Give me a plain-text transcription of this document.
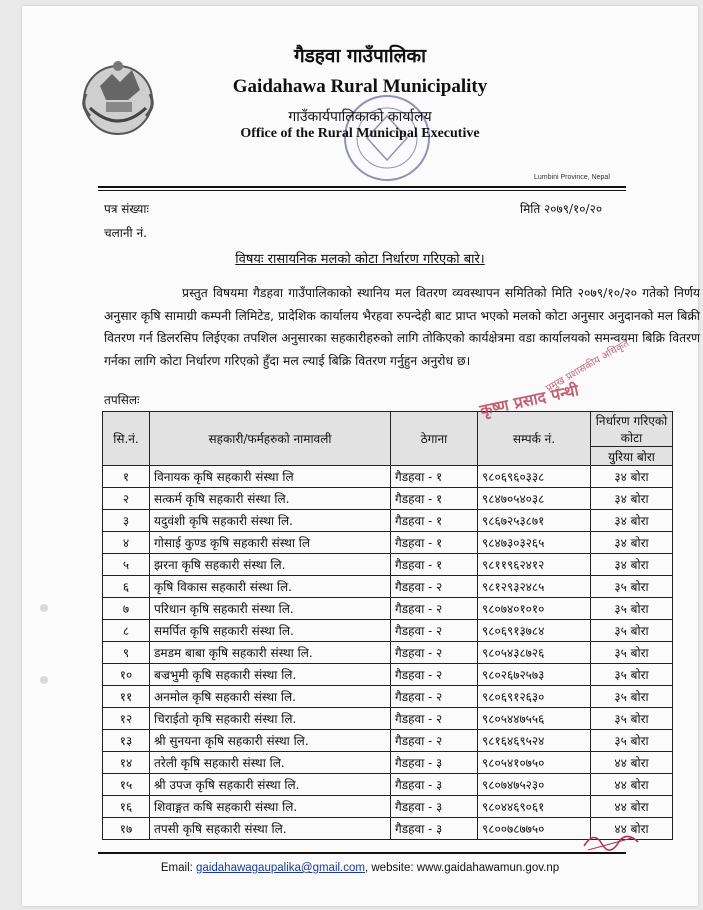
गैडहवा गाउँपालिका
Gaidahawa Rural Municipality
गाउँकार्यपालिकाको कार्यालय
Office of the Rural Municipal Executive
Lumbini Province, Nepal
पत्र संख्याः
चलानी नं.
मिति २०७९/१०/२०
विषयः रासायनिक मलको कोटा निर्धारण गरिएको बारे।
प्रस्तुत विषयमा गैडहवा गाउँपालिकाको स्थानिय मल वितरण व्यवस्थापन समितिको मिति २०७९/१०/२० गतेको निर्णय अनुसार कृषि सामाग्री कम्पनी लिमिटेड, प्रादेशिक कार्यालय भैरहवा रुपन्देही बाट प्राप्त भएको मलको कोटा अनुसार अनुदानको मल बिक्री वितरण गर्न डिलरसिप लिईएका तपशिल अनुसारका सहकारीहरुको लागि तोकिएको कार्यक्षेत्रमा वडा कार्यालयको समन्वयमा बिक्रि वितरण गर्नका लागि कोटा निर्धारण गरिएको हुँदा मल ल्याई बिक्रि वितरण गर्नुहुन अनुरोध छ।
तपसिलः
सि.नं.	सहकारी/फर्महरुको नामावली	ठेगाना	सम्पर्क नं.	निर्धारण गरिएको कोटा
				युरिया बोरा
१	विनायक कृषि सहकारी संस्था लि	गैडहवा - १	९८०६९६०३३८	३४ बोरा
२	सत्कर्म कृषि सहकारी संस्था लि.	गैडहवा - १	९८४७०५४०३८	३४ बोरा
३	यदुवंशी कृषि सहकारी संस्था लि.	गैडहवा - १	९८६७२५३८७१	३४ बोरा
४	गोसाई कुण्ड कृषि सहकारी संस्था लि	गैडहवा - १	९८४७३०३२६५	३४ बोरा
५	झरना कृषि सहकारी संस्था लि.	गैडहवा - १	९८११९६२४१२	३४ बोरा
६	कृषि विकास सहकारी संस्था लि.	गैडहवा - २	९८१२९३२४८५	३५ बोरा
७	परिधान कृषि सहकारी संस्था लि.	गैडहवा - २	९८०७४०१०१०	३५ बोरा
८	समर्पित कृषि सहकारी संस्था लि.	गैडहवा - २	९८०६९१३७८४	३५ बोरा
९	डमडम बाबा कृषि सहकारी संस्था लि.	गैडहवा - २	९८०५४३८७२६	३५ बोरा
१०	बज्रभुमी कृषि सहकारी संस्था लि.	गैडहवा - २	९८०२६७२५७३	३५ बोरा
११	अनमोल कृषि सहकारी संस्था लि.	गैडहवा - २	९८०६९१२६३०	३५ बोरा
१२	चिराईतो कृषि सहकारी संस्था लि.	गैडहवा - २	९८०५४४७५५६	३५ बोरा
१३	श्री सुनयना कृषि सहकारी संस्था लि.	गैडहवा - २	९८१६४६९५२४	३५ बोरा
१४	तरेली कृषि सहकारी संस्था लि.	गैडहवा - ३	९८०५४१०७५०	४४ बोरा
१५	श्री उपज कृषि सहकारी संस्था लि.	गैडहवा - ३	९८०७४७५२३०	४४ बोरा
१६	शिवाङ्गत कषि सहकारी संस्था लि.	गैडहवा - ३	९८०४४६९०६१	४४ बोरा
१७	तपसी कृषि सहकारी संस्था लि.	गैडहवा - ३	९८००७८७७५०	४४ बोरा
कृष्ण प्रसाद पन्थी
प्रमुख प्रशासकीय अधिकृत
Email: gaidahawagaupalika@gmail.com, website: www.gaidahawamun.gov.np
